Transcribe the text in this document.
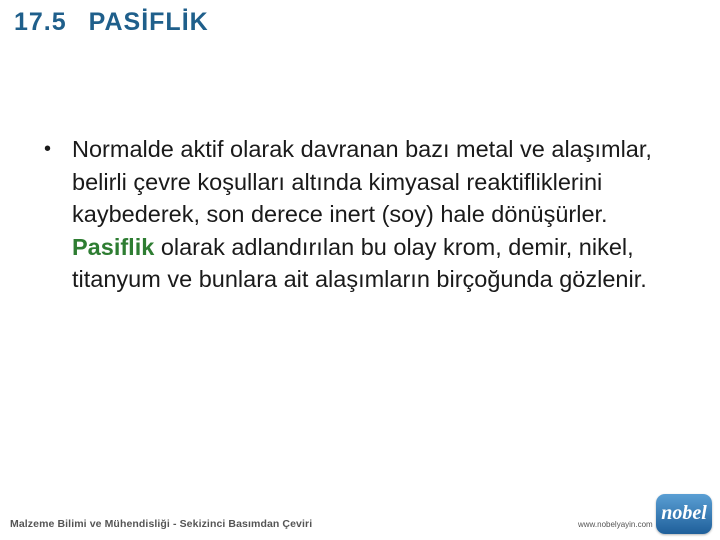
17.5 PASİFLİK
• Normalde aktif olarak davranan bazı metal ve alaşımlar, belirli çevre koşulları altında kimyasal reaktifliklerini kaybederek, son derece inert (soy) hale dönüşürler. Pasiflik olarak adlandırılan bu olay krom, demir, nikel, titanyum ve bunlara ait alaşımların birçoğunda gözlenir.
Malzeme Bilimi ve Mühendisliği - Sekizinci Basımdan Çeviri	www.nobelyayin.com
nobel
